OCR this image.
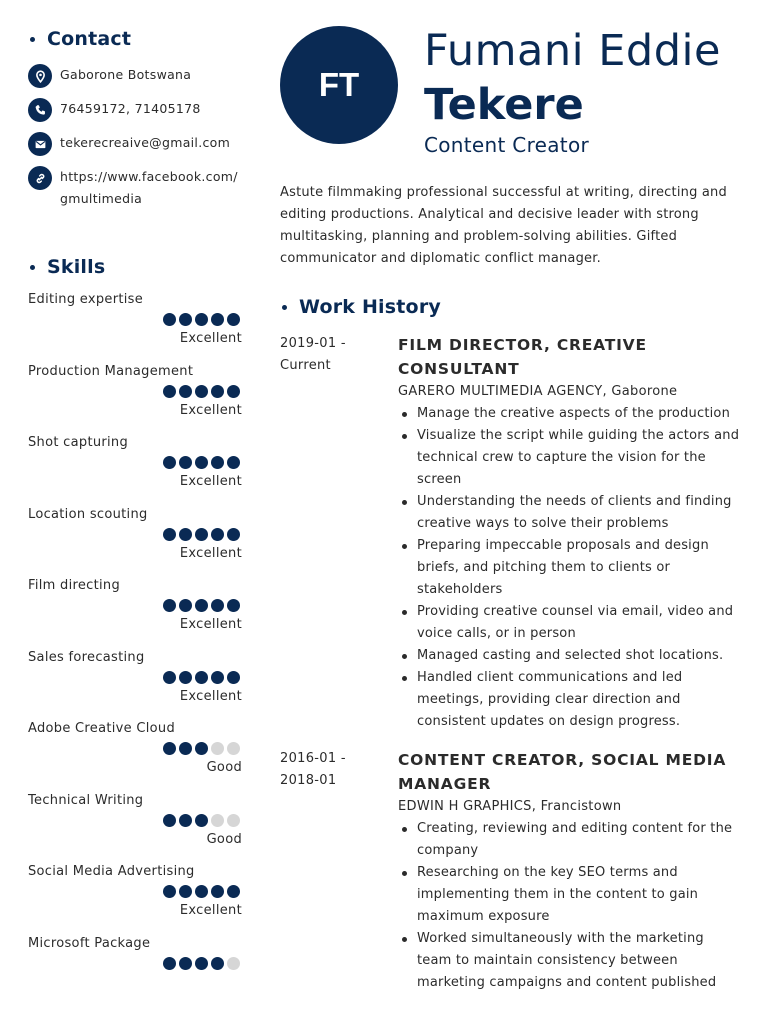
Contact
Gaborone Botswana
76459172, 71405178
tekerecreaive@gmail.com
https://www.facebook.com/gmultimedia
Skills
Editing expertise
Excellent
Production Management
Excellent
Shot capturing
Excellent
Location scouting
Excellent
Film directing
Excellent
Sales forecasting
Excellent
Adobe Creative Cloud
Good
Technical Writing
Good
Social Media Advertising
Excellent
Microsoft Package
FT
Fumani Eddie
Tekere
Content Creator
Astute filmmaking professional successful at writing, directing and editing productions. Analytical and decisive leader with strong multitasking, planning and problem-solving abilities. Gifted communicator and diplomatic conflict manager.
Work History
2019-01 - Current
FILM DIRECTOR, CREATIVE CONSULTANT
GARERO MULTIMEDIA AGENCY, Gaborone
Manage the creative aspects of the production
Visualize the script while guiding the actors and technical crew to capture the vision for the screen
Understanding the needs of clients and finding creative ways to solve their problems
Preparing impeccable proposals and design briefs, and pitching them to clients or stakeholders
Providing creative counsel via email, video and voice calls, or in person
Managed casting and selected shot locations.
Handled client communications and led meetings, providing clear direction and consistent updates on design progress.
2016-01 - 2018-01
CONTENT CREATOR, SOCIAL MEDIA MANAGER
EDWIN H GRAPHICS, Francistown
Creating, reviewing and editing content for the company
Researching on the key SEO terms and implementing them in the content to gain maximum exposure
Worked simultaneously with the marketing team to maintain consistency between marketing campaigns and content published
